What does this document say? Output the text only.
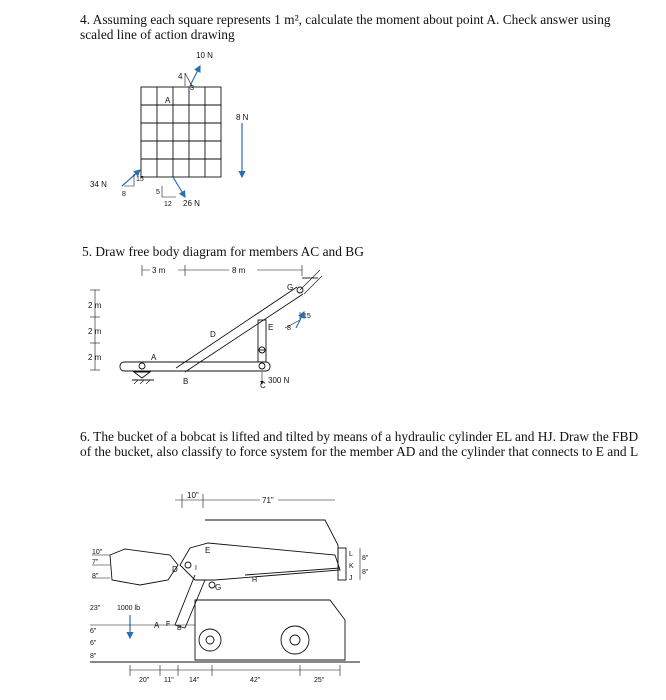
4. Assuming each square represents 1 m², calculate the moment about point A. Check answer using scaled line of action drawing
5. Draw free body diagram for members AC and BG
6. The bucket of a bobcat is lifted and tilted by means of a hydraulic cylinder EL and HJ. Draw the FBD of the bucket, also classify to force system for the member AD and the cylinder that connects to E and L
10 N
4
3
A
8 N
34 N
15
8	5
12 26 N
3 m	8 m
2 m
2 m
2 m
G
15
8
E
D
A
B	C
300 N
10"
71"
H
L
K
J
8"
8"
E
D I
G
10"
7"
8"
23" 1000 lb
A F
B
6"
6"
8"
20" 11" 14"	42"	25"
